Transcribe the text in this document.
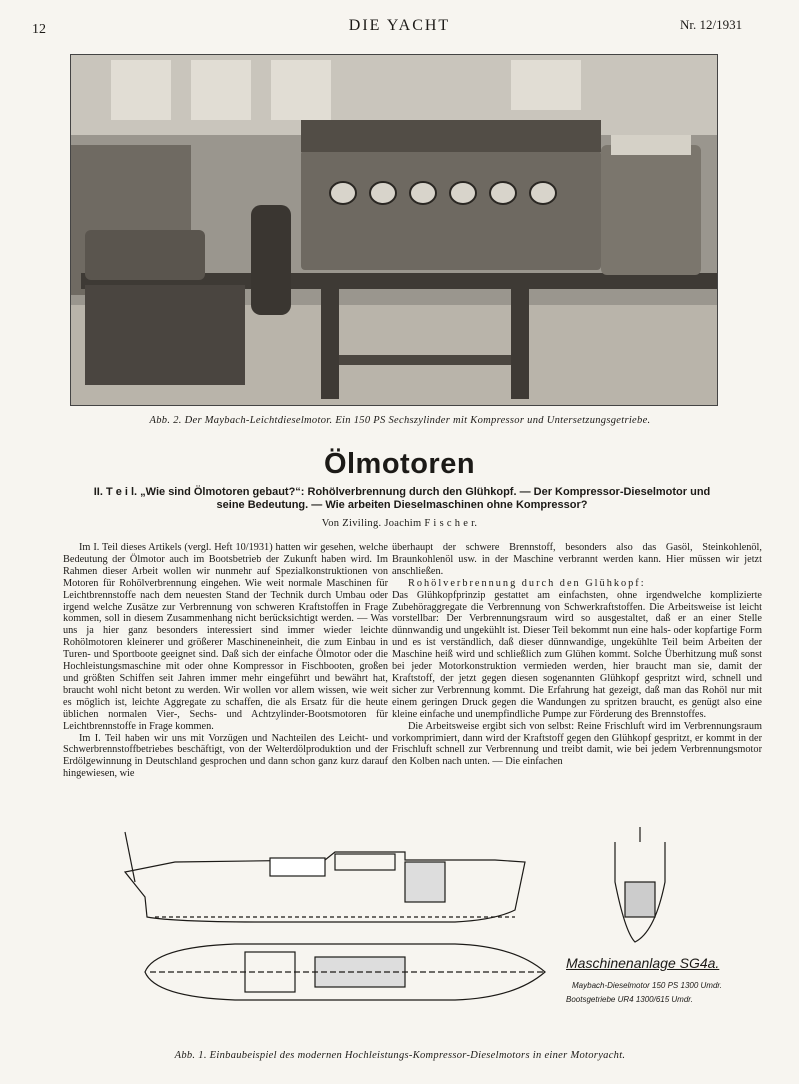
12	DIE YACHT	Nr. 12/1931
Abb. 2. Der Maybach-Leichtdieselmotor. Ein 150 PS Sechszylinder mit Kompressor und Untersetzungsgetriebe.
Ölmotoren
II. T e i l. „Wie sind Ölmotoren gebaut?“: Rohölverbrennung durch den Glühkopf. — Der Kompressor-Dieselmotor und
seine Bedeutung. — Wie arbeiten Dieselmaschinen ohne Kompressor?
Von Ziviling. Joachim F i s c h e r.

Im I. Teil dieses Artikels (vergl. Heft 10/1931) hatten wir gesehen, welche Bedeutung der Ölmotor auch im Bootsbetrieb der Zukunft haben wird. Im Rahmen dieser Arbeit wollen wir nunmehr auf Spezialkonstruktionen von Motoren für Rohölverbrennung eingehen. Wie weit normale Maschinen für Leichtbrennstoffe nach dem neuesten Stand der Technik durch Umbau oder irgend welche Zusätze zur Verbrennung von schweren Kraftstoffen in Frage kommen, soll in diesem Zusammenhang nicht berücksichtigt werden. — Was uns ja hier ganz besonders interessiert sind immer wieder leichte Rohölmotoren kleinerer und größerer Maschineneinheit, die zum Einbau in Turen- und Sportboote geeignet sind. Daß sich der einfache Ölmotor oder die Hochleistungsmaschine mit oder ohne Kompressor in Fischbooten, großen und größten Schiffen seit Jahren immer mehr eingeführt und bewährt hat, braucht wohl nicht betont zu werden. Wir wollen vor allem wissen, wie weit es möglich ist, leichte Aggregate zu schaffen, die als Ersatz für die heute üblichen normalen Vier-, Sechs- und Achtzylinder-Bootsmotoren für Leichtbrennstoffe in Frage kommen.

Im I. Teil haben wir uns mit Vorzügen und Nachteilen des Leicht- und Schwerbrennstoffbetriebes beschäftigt, von der Welterdölproduktion und der Erdölgewinnung in Deutschland gesprochen und dann schon ganz kurz darauf hingewiesen, wie

überhaupt der schwere Brennstoff, besonders also das Gasöl, Steinkohlenöl, Braunkohlenöl usw. in der Maschine verbrannt werden kann. Hier müssen wir jetzt anschließen.

Rohölverbrennung durch den Glühkopf:

Das Glühkopfprinzip gestattet am einfachsten, ohne irgendwelche komplizierte Zubehöraggregate die Verbrennung von Schwerkraftstoffen. Die Arbeitsweise ist leicht vorstellbar: Der Verbrennungsraum wird so ausgestaltet, daß er an einer Stelle dünnwandig und ungekühlt ist. Dieser Teil bekommt nun eine hals- oder kopfartige Form und es ist verständlich, daß dieser dünnwandige, ungekühlte Teil beim Arbeiten der Maschine heiß wird und schließlich zum Glühen kommt. Solche Überhitzung muß sonst bei jeder Motorkonstruktion vermieden werden, hier braucht man sie, damit der Kraftstoff, der jetzt gegen diesen sogenannten Glühkopf gespritzt wird, schnell und sicher zur Verbrennung kommt. Die Erfahrung hat gezeigt, daß man das Rohöl nur mit einem geringen Druck gegen die Wandungen zu spritzen braucht, es genügt also eine kleine einfache und unempfindliche Pumpe zur Förderung des Brennstoffes.

Die Arbeitsweise ergibt sich von selbst: Reine Frischluft wird im Verbrennungsraum vorkomprimiert, dann wird der Kraftstoff gegen den Glühkopf gespritzt, er kommt in der Frischluft schnell zur Verbrennung und treibt damit, wie bei jedem Verbrennungsmotor den Kolben nach unten. — Die einfachen

Maschinenanlage SG4a.
Maybach-Dieselmotor 150 PS 1300 Umdr.
Bootsgetriebe UR4 1300/615 Umdr.
Abb. 1. Einbaubeispiel des modernen Hochleistungs-Kompressor-Dieselmotors in einer Motoryacht.
